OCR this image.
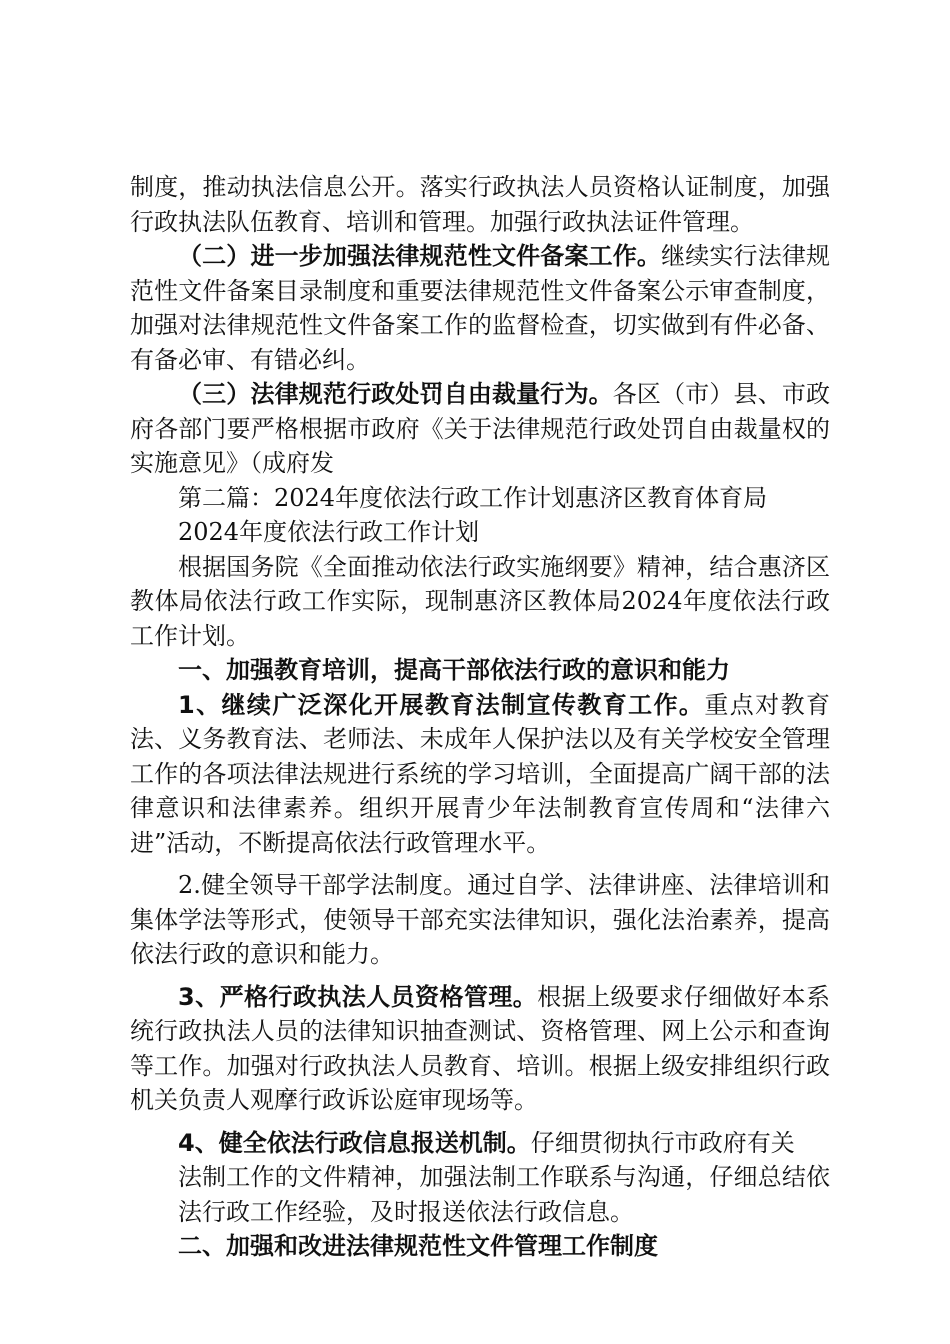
制度，推动执法信息公开。落实行政执法人员资格认证制度，加强行政执法队伍教育、培训和管理。加强行政执法证件管理。

（二）进一步加强法律规范性文件备案工作。继续实行法律规范性文件备案目录制度和重要法律规范性文件备案公示审查制度，加强对法律规范性文件备案工作的监督检查，切实做到有件必备、有备必审、有错必纠。

（三）法律规范行政处罚自由裁量行为。各区（市）县、市政府各部门要严格根据市政府《关于法律规范行政处罚自由裁量权的实施意见》（成府发

第二篇：2024年度依法行政工作计划惠济区教育体育局

2024年度依法行政工作计划

根据国务院《全面推动依法行政实施纲要》精神，结合惠济区教体局依法行政工作实际，现制惠济区教体局2024年度依法行政工作计划。

一、加强教育培训，提高干部依法行政的意识和能力

1、继续广泛深化开展教育法制宣传教育工作。重点对教育法、义务教育法、老师法、未成年人保护法以及有关学校安全管理工作的各项法律法规进行系统的学习培训，全面提高广阔干部的法律意识和法律素养。组织开展青少年法制教育宣传周和“法律六进”活动，不断提高依法行政管理水平。

2.健全领导干部学法制度。通过自学、法律讲座、法律培训和集体学法等形式，使领导干部充实法律知识，强化法治素养，提高依法行政的意识和能力。

3、严格行政执法人员资格管理。根据上级要求仔细做好本系统行政执法人员的法律知识抽查测试、资格管理、网上公示和查询等工作。加强对行政执法人员教育、培训。根据上级安排组织行政机关负责人观摩行政诉讼庭审现场等。

4、健全依法行政信息报送机制。仔细贯彻执行市政府有关

法制工作的文件精神，加强法制工作联系与沟通，仔细总结依法行政工作经验，及时报送依法行政信息。

二、加强和改进法律规范性文件管理工作制度
